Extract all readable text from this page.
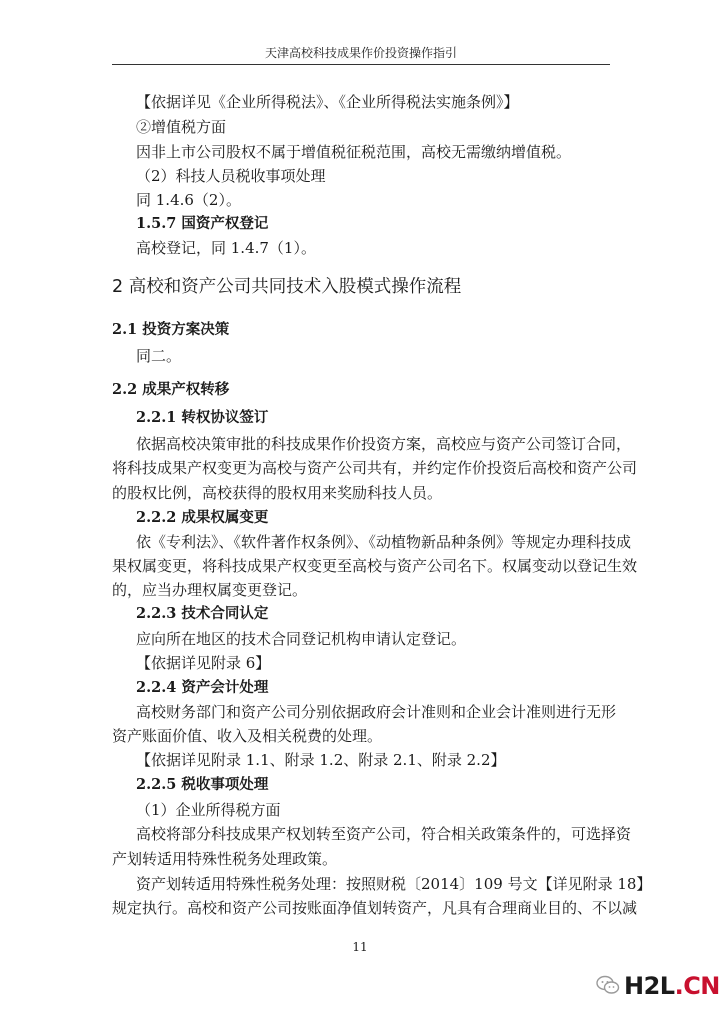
天津高校科技成果作价投资操作指引
【依据详见《企业所得税法》、《企业所得税法实施条例》】
②增值税方面
因非上市公司股权不属于增值税征税范围，高校无需缴纳增值税。
（2）科技人员税收事项处理
同 1.4.6（2）。
1.5.7 国资产权登记
高校登记，同 1.4.7（1）。
2 高校和资产公司共同技术入股模式操作流程
2.1 投资方案决策
同二。
2.2 成果产权转移
2.2.1 转权协议签订
依据高校决策审批的科技成果作价投资方案，高校应与资产公司签订合同，
将科技成果产权变更为高校与资产公司共有，并约定作价投资后高校和资产公司
的股权比例，高校获得的股权用来奖励科技人员。
2.2.2 成果权属变更
依《专利法》、《软件著作权条例》、《动植物新品种条例》等规定办理科技成
果权属变更，将科技成果产权变更至高校与资产公司名下。权属变动以登记生效
的，应当办理权属变更登记。
2.2.3 技术合同认定
应向所在地区的技术合同登记机构申请认定登记。
【依据详见附录 6】
2.2.4 资产会计处理
高校财务部门和资产公司分别依据政府会计准则和企业会计准则进行无形
资产账面价值、收入及相关税费的处理。
【依据详见附录 1.1、附录 1.2、附录 2.1、附录 2.2】
2.2.5 税收事项处理
（1）企业所得税方面
高校将部分科技成果产权划转至资产公司，符合相关政策条件的，可选择资
产划转适用特殊性税务处理政策。
资产划转适用特殊性税务处理：按照财税〔2014〕109 号文【详见附录 18】
规定执行。高校和资产公司按账面净值划转资产，凡具有合理商业目的、不以减
11
H2L.CN
